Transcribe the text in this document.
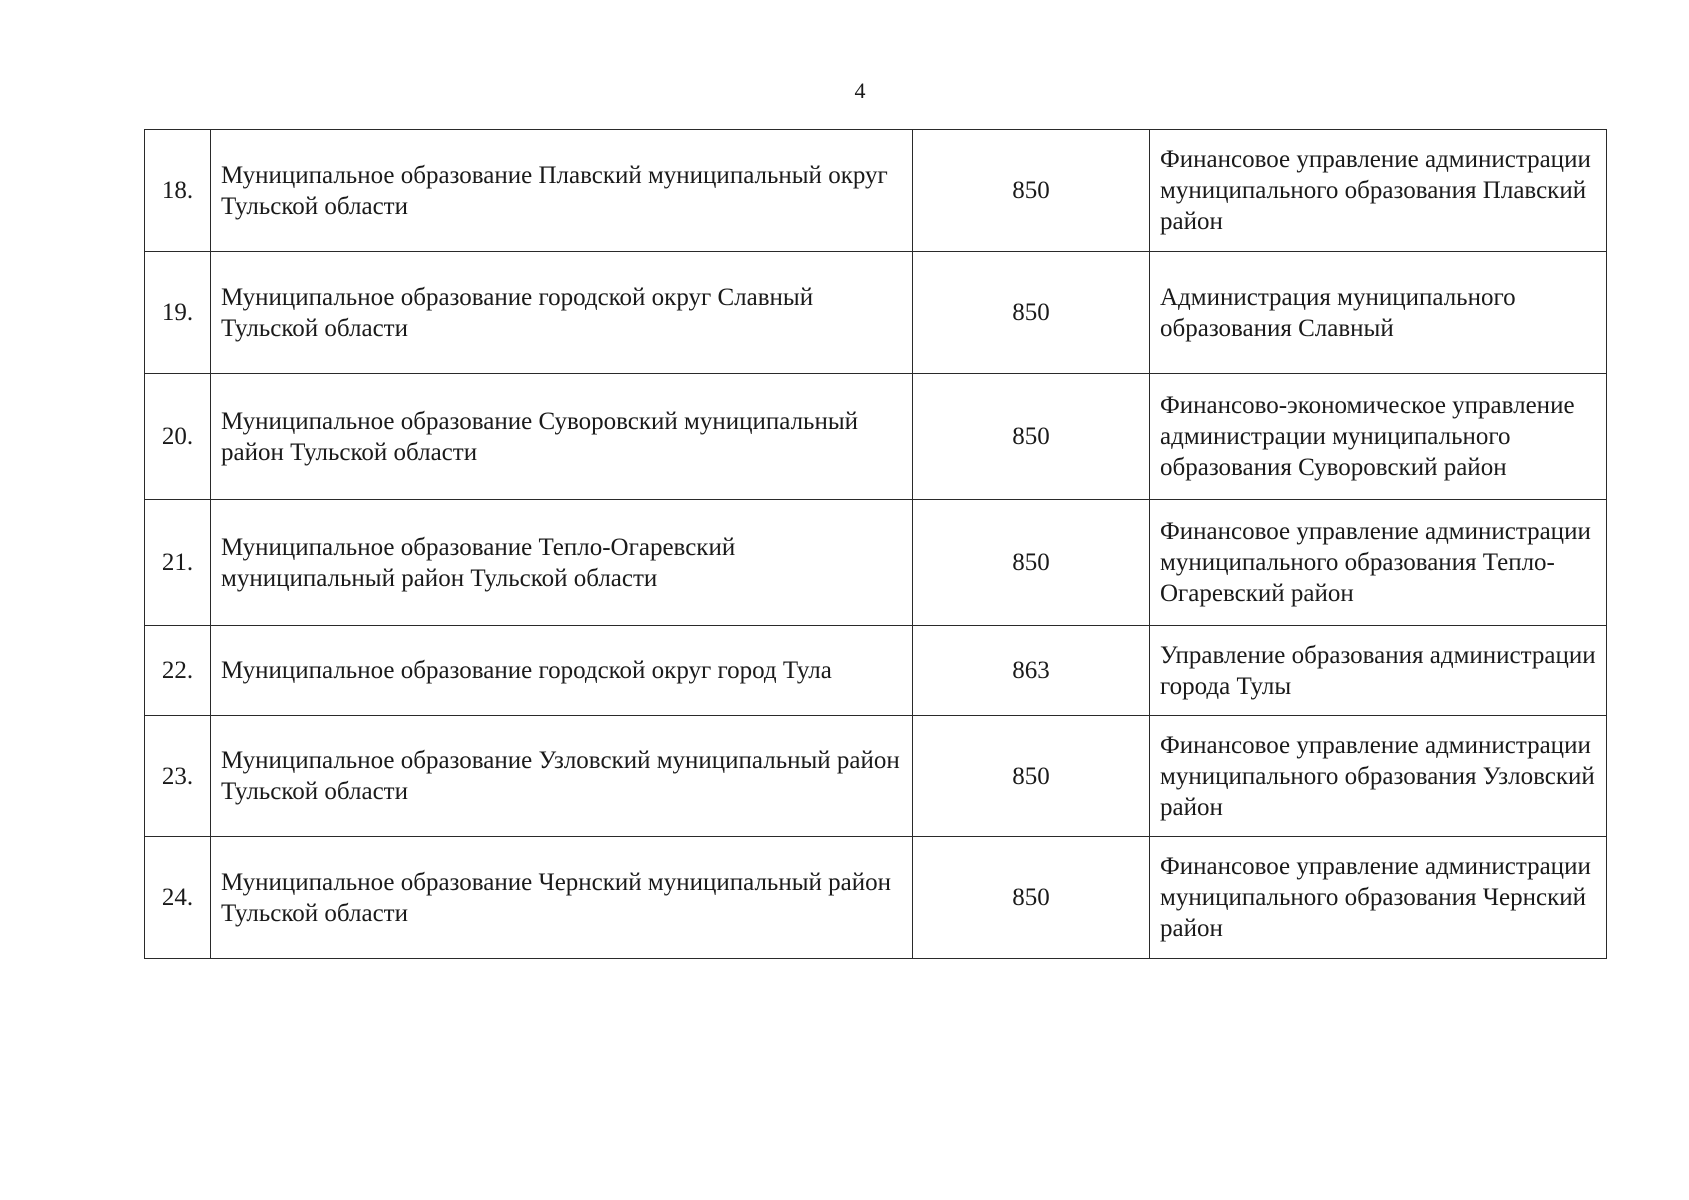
4
18.	Муниципальное образование Плавский муниципальный округ Тульской области	850	Финансовое управление администрации муниципального образования Плавский район
19.	Муниципальное образование городской округ Славный Тульской области	850	Администрация муниципального образования Славный
20.	Муниципальное образование Суворовский муниципальный район Тульской области	850	Финансово-экономическое управление администрации муниципального образования Суворовский район
21.	Муниципальное образование Тепло-Огаревский муниципальный район Тульской области	850	Финансовое управление администрации муниципального образования Тепло-Огаревский район
22.	Муниципальное образование городской округ город Тула	863	Управление образования администрации города Тулы
23.	Муниципальное образование Узловский муниципальный район Тульской области	850	Финансовое управление администрации муниципального образования Узловский район
24.	Муниципальное образование Чернский муниципальный район Тульской области	850	Финансовое управление администрации муниципального образования Чернский район
